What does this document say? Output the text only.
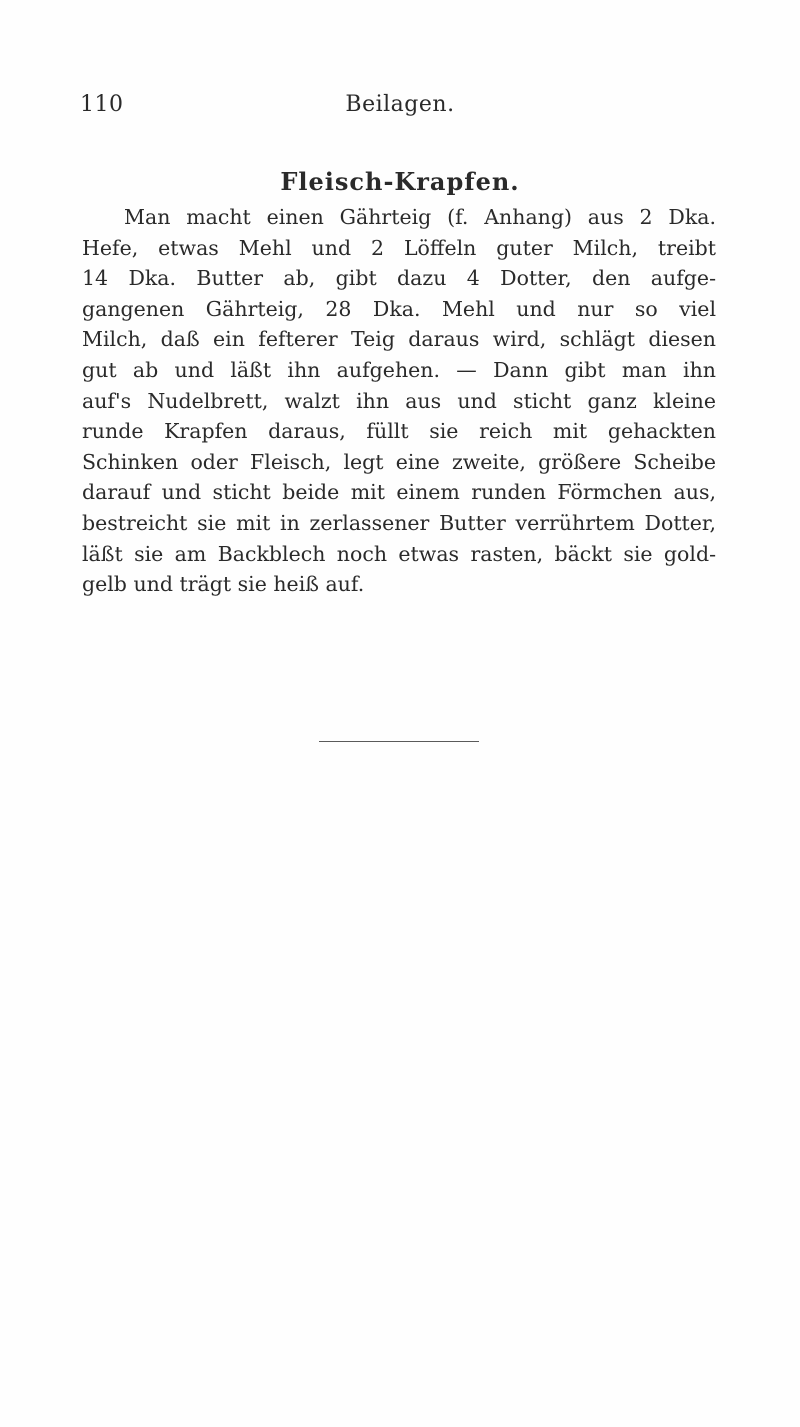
110	Beilagen.
Fleisch-Krapfen.
Man macht einen Gährteig (f. Anhang) aus 2 Dka.
Hefe, etwas Mehl und 2 Löffeln guter Milch, treibt
14 Dka. Butter ab, gibt dazu 4 Dotter, den aufge-
gangenen Gährteig, 28 Dka. Mehl und nur so viel
Milch, daß ein fefterer Teig daraus wird, schlägt diesen
gut ab und läßt ihn aufgehen. — Dann gibt man ihn
auf's Nudelbrett, walzt ihn aus und sticht ganz kleine
runde Krapfen daraus, füllt sie reich mit gehackten
Schinken oder Fleisch, legt eine zweite, größere Scheibe
darauf und sticht beide mit einem runden Förmchen aus,
bestreicht sie mit in zerlassener Butter verrührtem Dotter,
läßt sie am Backblech noch etwas rasten, bäckt sie gold-
gelb und trägt sie heiß auf.
